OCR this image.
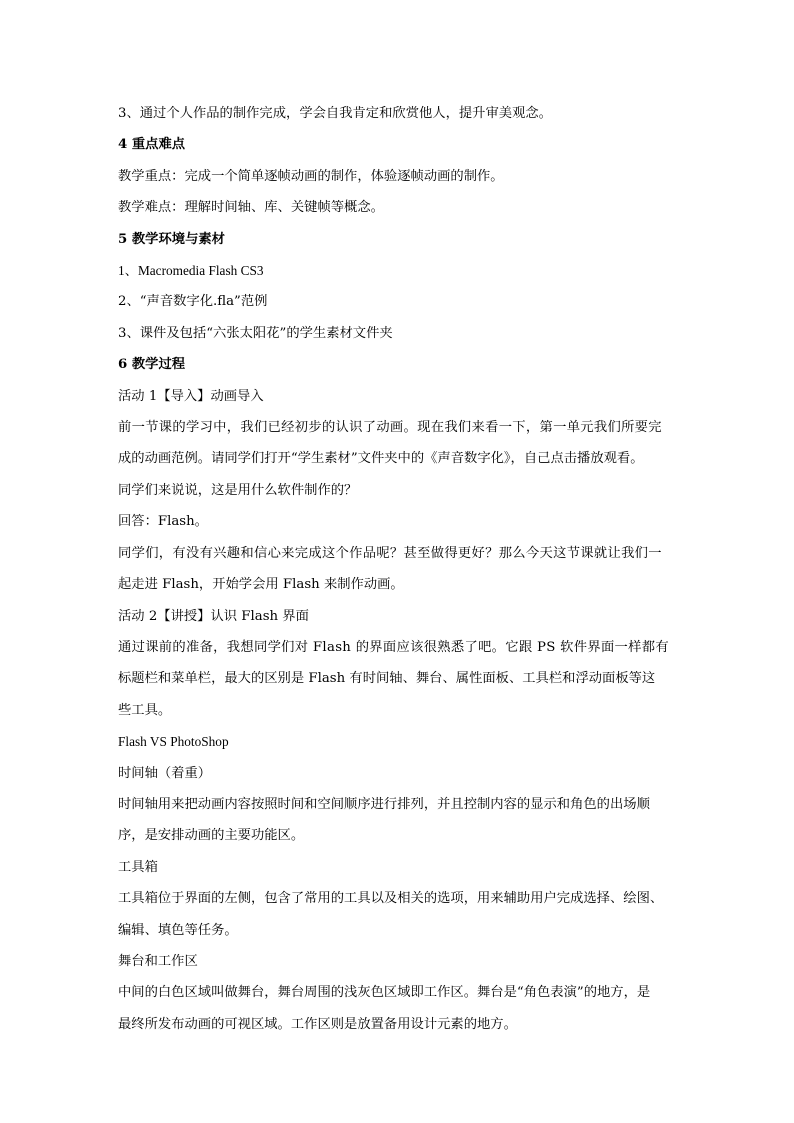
3、通过个人作品的制作完成，学会自我肯定和欣赏他人，提升审美观念。

4 重点难点

教学重点：完成一个简单逐帧动画的制作，体验逐帧动画的制作。

教学难点：理解时间轴、库、关键帧等概念。

5 教学环境与素材

1、Macromedia Flash CS3

2、“声音数字化.fla”范例

3、课件及包括“六张太阳花”的学生素材文件夹

6 教学过程

活动 1【导入】动画导入

前一节课的学习中，我们已经初步的认识了动画。现在我们来看一下，第一单元我们所要完

成的动画范例。请同学们打开“学生素材”文件夹中的《声音数字化》，自己点击播放观看。

同学们来说说，这是用什么软件制作的？

回答：Flash。

同学们，有没有兴趣和信心来完成这个作品呢？甚至做得更好？那么今天这节课就让我们一

起走进 Flash，开始学会用 Flash 来制作动画。

活动 2【讲授】认识 Flash 界面

通过课前的准备，我想同学们对 Flash 的界面应该很熟悉了吧。它跟 PS 软件界面一样都有

标题栏和菜单栏，最大的区别是 Flash 有时间轴、舞台、属性面板、工具栏和浮动面板等这

些工具。

Flash VS PhotoShop

时间轴（着重）

时间轴用来把动画内容按照时间和空间顺序进行排列，并且控制内容的显示和角色的出场顺

序，是安排动画的主要功能区。

工具箱

工具箱位于界面的左侧，包含了常用的工具以及相关的选项，用来辅助用户完成选择、绘图、

编辑、填色等任务。

舞台和工作区

中间的白色区域叫做舞台，舞台周围的浅灰色区域即工作区。舞台是“角色表演”的地方，是

最终所发布动画的可视区域。工作区则是放置备用设计元素的地方。
